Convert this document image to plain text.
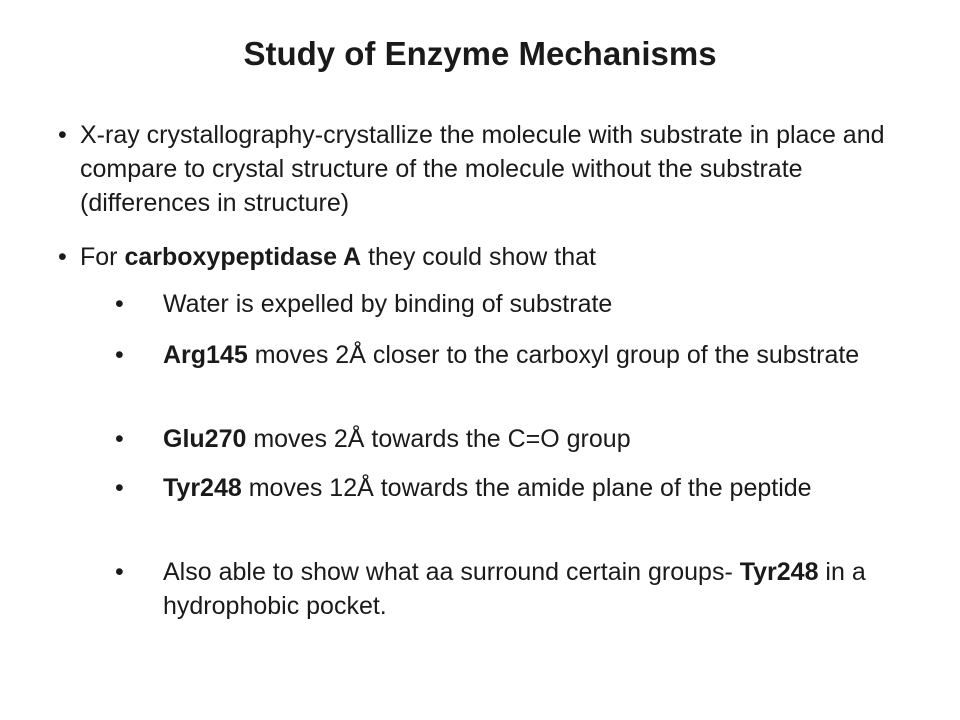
Study of Enzyme Mechanisms
• X-ray crystallography-crystallize the molecule with substrate in place and compare to crystal structure of the molecule without the substrate (differences in structure)
• For carboxypeptidase A they could show that
• Water is expelled by binding of substrate
• Arg145 moves 2Å closer to the carboxyl group of the substrate
• Glu270 moves 2Å towards the C=O group
• Tyr248 moves 12Å towards the amide plane of the peptide
• Also able to show what aa surround certain groups- Tyr248 in a hydrophobic pocket.
